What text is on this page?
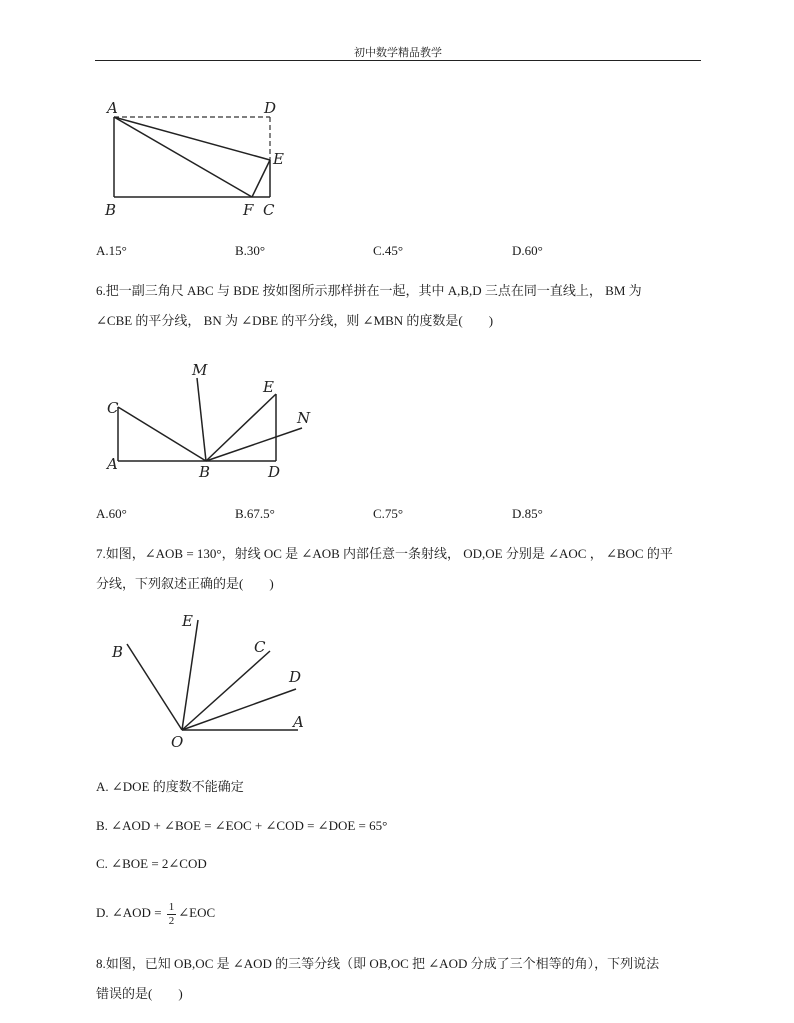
初中数学精品教学
A	D
E
B	F C
A.15°	B.30°	C.45°	D.60°

6.把一副三角尺 ABC 与 BDE 按如图所示那样拼在一起，其中 A,B,D 三点在同一直线上， BM 为

∠CBE 的平分线， BN 为 ∠DBE 的平分线，则 ∠MBN 的度数是(　　)

M
E
C
N
A	B	D
A.60°	B.67.5°	C.75°	D.85°

7.如图，∠AOB = 130°，射线 OC 是 ∠AOB 内部任意一条射线， OD,OE 分别是 ∠AOC ， ∠BOC 的平

分线，下列叙述正确的是(　　)

B
E
C
D
A
O
A. ∠DOE 的度数不能确定
B. ∠AOD + ∠BOE = ∠EOC + ∠COD = ∠DOE = 65°
C. ∠BOE = 2∠COD
D. ∠AOD = $\frac{1}{2}$ ∠EOC

8.如图，已知 OB,OC 是 ∠AOD 的三等分线（即 OB,OC 把 ∠AOD 分成了三个相等的角），下列说法

错误的是(　　)
